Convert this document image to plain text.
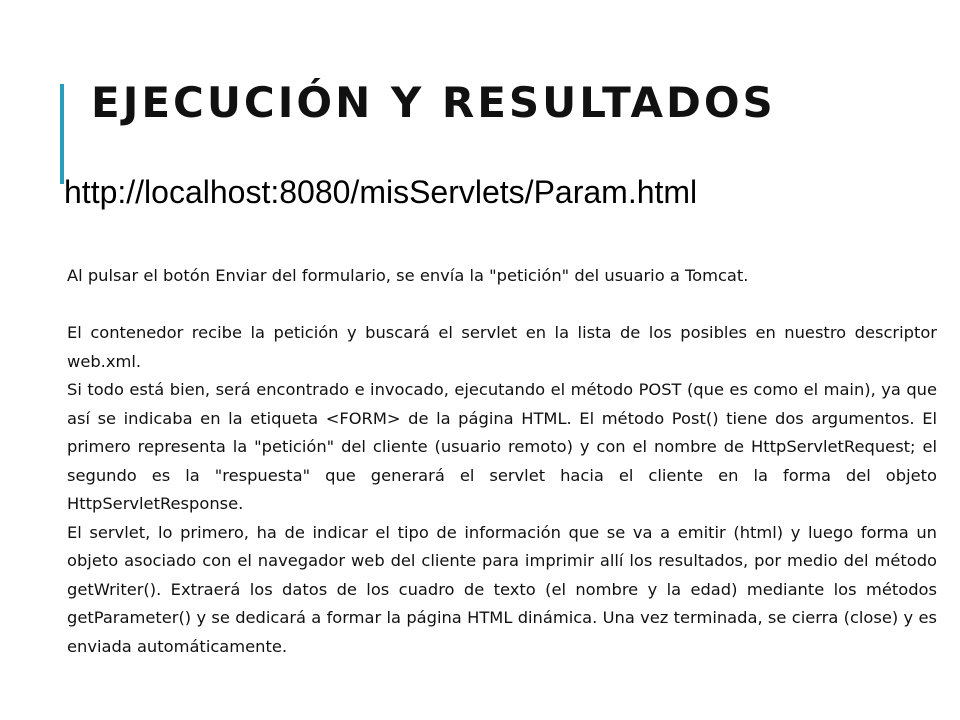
EJECUCIÓN Y RESULTADOS
http://localhost:8080/misServlets/Param.html

Al pulsar el botón Enviar del formulario, se envía la "petición" del usuario a Tomcat.

El contenedor recibe la petición y buscará el servlet en la lista de los posibles en nuestro descriptor web.xml.

Si todo está bien, será encontrado e invocado, ejecutando el método POST (que es como el main), ya que así se indicaba en la etiqueta <FORM> de la página HTML. El método Post() tiene dos argumentos. El primero representa la "petición" del cliente (usuario remoto) y con el nombre de HttpServletRequest; el segundo es la "respuesta" que generará el servlet hacia el cliente en la forma del objeto HttpServletResponse.

El servlet, lo primero, ha de indicar el tipo de información que se va a emitir (html) y luego forma un objeto asociado con el navegador web del cliente para imprimir allí los resultados, por medio del método getWriter(). Extraerá los datos de los cuadro de texto (el nombre y la edad) mediante los métodos getParameter() y se dedicará a formar la página HTML dinámica. Una vez terminada, se cierra (close) y es enviada automáticamente.
